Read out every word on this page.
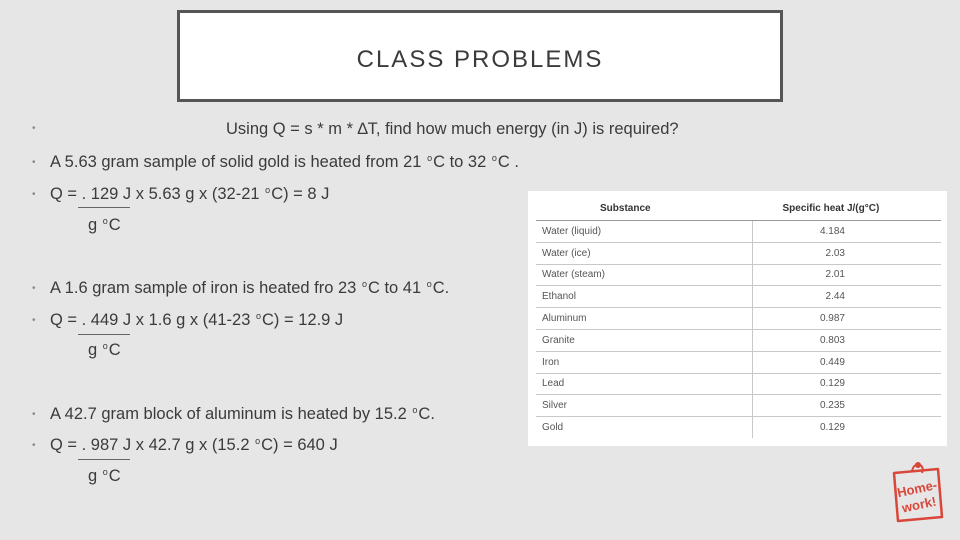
CLASS PROBLEMS
•	Using Q = s * m * ∆T, find how much energy (in J) is required?
• A 5.63 gram sample of solid gold is heated from 21 $^o$C to 32 $^o$C .
• Q = . 129 J x 5.63 g x (32-21 $^o$C) = 8 J
g $^o$C
• A 1.6 gram sample of iron is heated fro 23 $^o$C to 41 $^o$C.
• Q = . 449 J x 1.6 g x (41-23 $^o$C) = 12.9 J
g $^o$C
• A 42.7 gram block of aluminum is heated by 15.2 $^o$C.
• Q = . 987 J x 42.7 g x (15.2 $^o$C) = 640 J
g $^o$C
Substance	Specific heat J/(g°C)
Water (liquid)	4.184
Water (ice)	2.03
Water (steam)	2.01
Ethanol	2.44
Aluminum	0.987
Granite	0.803
Iron	0.449
Lead	0.129
Silver	0.235
Gold	0.129
Home-
work!
